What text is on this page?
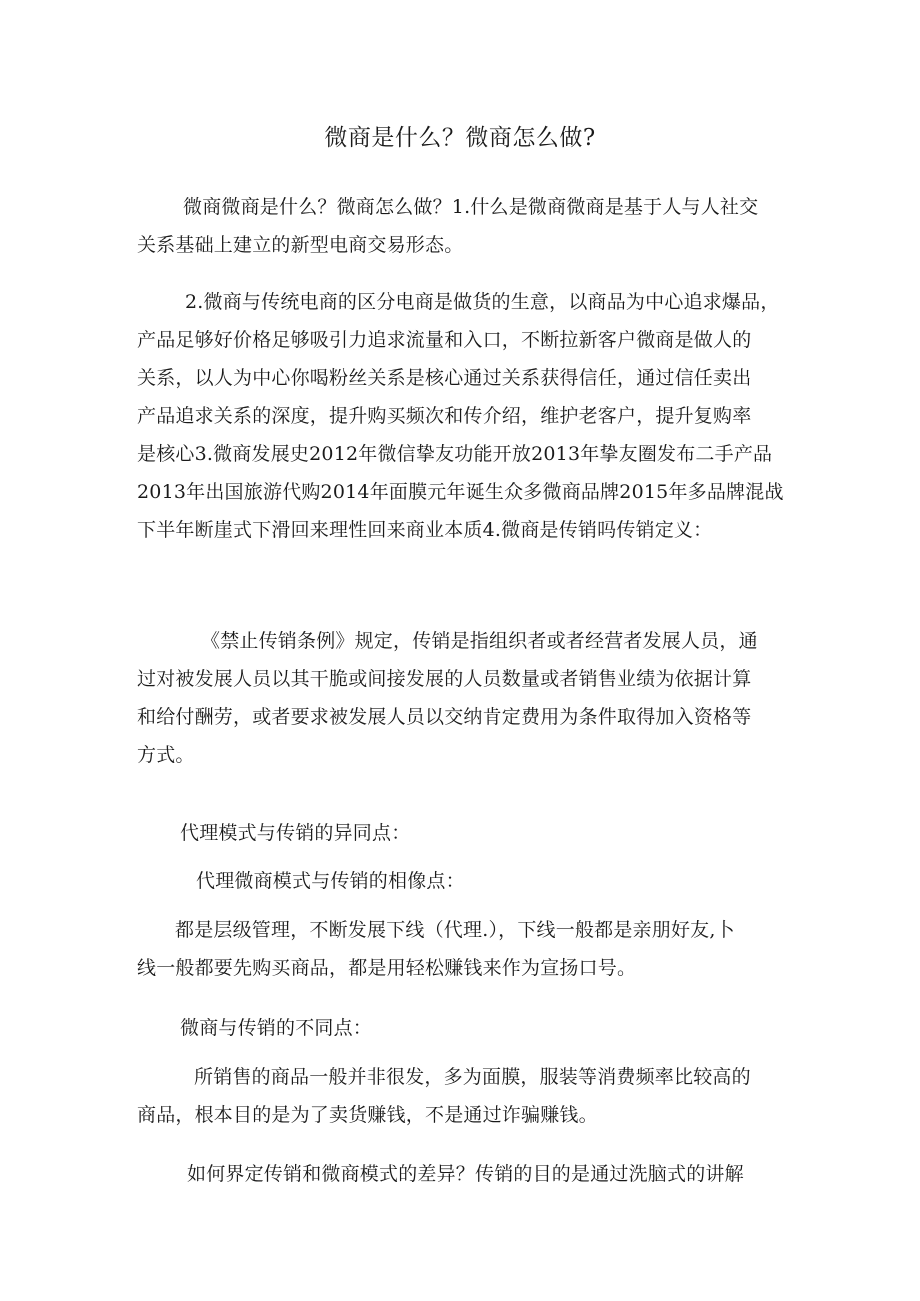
微商是什么？微商怎么做?
微商微商是什么？微商怎么做？1.什么是微商微商是基于人与人社交
关系基础上建立的新型电商交易形态。
2.微商与传统电商的区分电商是做货的生意，以商品为中心追求爆品，
产品足够好价格足够吸引力追求流量和入口，不断拉新客户微商是做人的
关系，以人为中心你喝粉丝关系是核心通过关系获得信任，通过信任卖出
产品追求关系的深度，提升购买频次和传介绍，维护老客户，提升复购率
是核心3.微商发展史2012年微信挚友功能开放2013年挚友圈发布二手产品
2013年出国旅游代购2014年面膜元年诞生众多微商品牌2015年多品牌混战
下半年断崖式下滑回来理性回来商业本质4.微商是传销吗传销定义：
《禁止传销条例》规定，传销是指组织者或者经营者发展人员，通
过对被发展人员以其干脆或间接发展的人员数量或者销售业绩为依据计算
和给付酬劳，或者要求被发展人员以交纳肯定费用为条件取得加入资格等
方式。
代理模式与传销的异同点：
代理微商模式与传销的相像点：
都是层级管理，不断发展下线（代理.），下线一般都是亲朋好友,卜
线一般都要先购买商品，都是用轻松赚钱来作为宣扬口号。
微商与传销的不同点：
所销售的商品一般并非很发，多为面膜，服装等消费频率比较高的
商品，根本目的是为了卖货赚钱，不是通过诈骗赚钱。
如何界定传销和微商模式的差异？传销的目的是通过洗脑式的讲解
